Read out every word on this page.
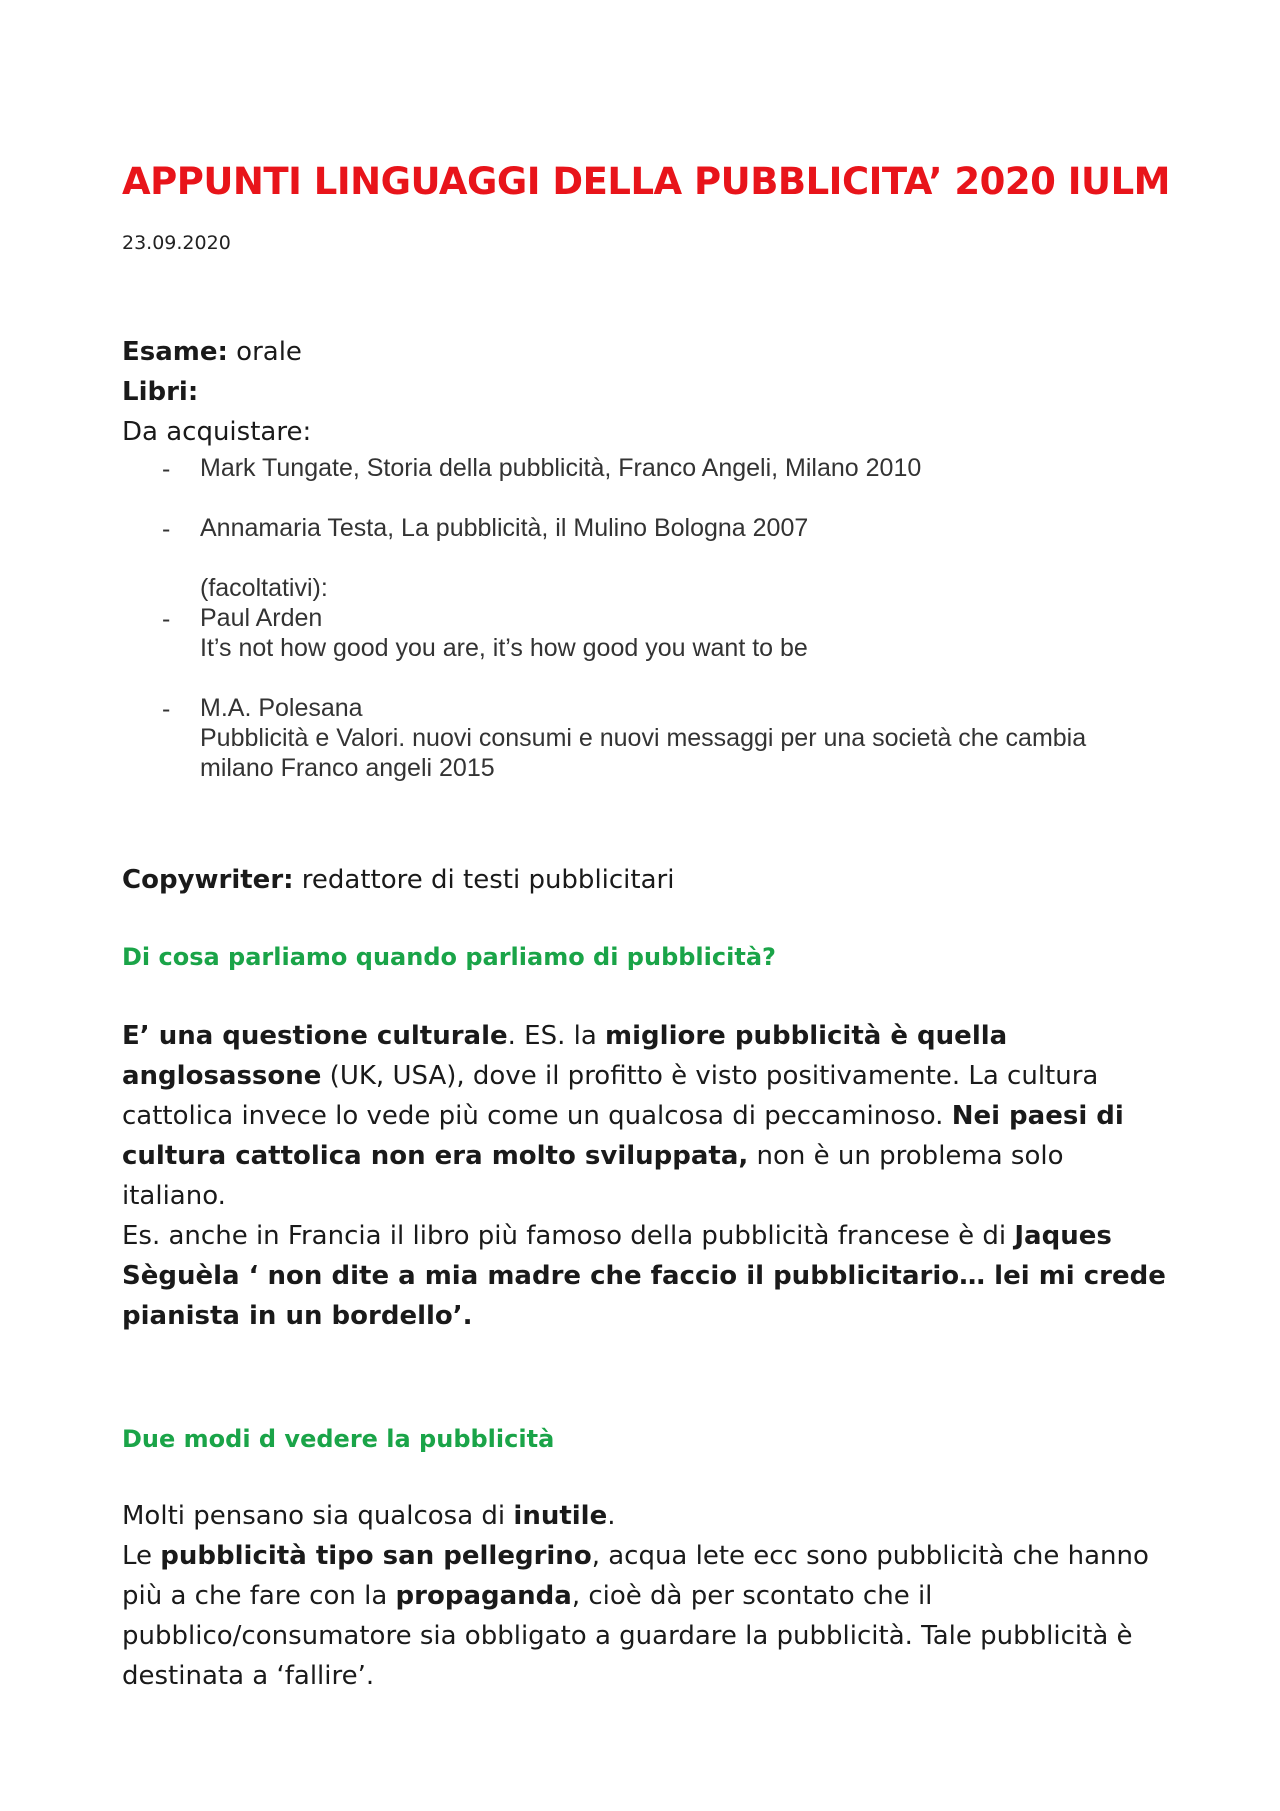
APPUNTI LINGUAGGI DELLA PUBBLICITA’ 2020 IULM
23.09.2020
Esame: orale
Libri:
Da acquistare:
- Mark Tungate, Storia della pubblicità, Franco Angeli, Milano 2010
- Annamaria Testa, La pubblicità, il Mulino Bologna 2007
(facoltativi):
- Paul Arden
It’s not how good you are, it’s how good you want to be
- M.A. Polesana
Pubblicità e Valori. nuovi consumi e nuovi messaggi per una società che cambia
milano Franco angeli 2015
Copywriter: redattore di testi pubblicitari
Di cosa parliamo quando parliamo di pubblicità?
E’ una questione culturale. ES. la migliore pubblicità è quella anglosassone (UK, USA), dove il profitto è visto positivamente. La cultura cattolica invece lo vede più come un qualcosa di peccaminoso. Nei paesi di cultura cattolica non era molto sviluppata, non è un problema solo italiano.
Es. anche in Francia il libro più famoso della pubblicità francese è di Jaques Sèguèla ‘ non dite a mia madre che faccio il pubblicitario… lei mi crede pianista in un bordello’.
Due modi d vedere la pubblicità
Molti pensano sia qualcosa di inutile.
Le pubblicità tipo san pellegrino, acqua lete ecc sono pubblicità che hanno più a che fare con la propaganda, cioè dà per scontato che il pubblico/consumatore sia obbligato a guardare la pubblicità. Tale pubblicità è destinata a ‘fallire’.
